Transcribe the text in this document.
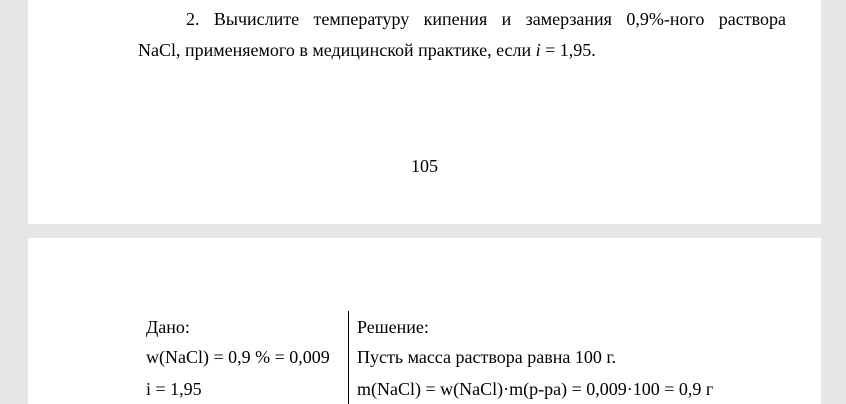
2. Вычислите температуру кипения и замерзания 0,9%-ного раствора
NaCl, применяемого в медицинской практике, если i = 1,95.
105
Дано:	Решение:
w(NaCl) = 0,9 % = 0,009 Пусть масса раствора равна 100 г.
i = 1,95	m(NaCl) = w(NaCl)·m(р-ра) = 0,009·100 = 0,9 г
